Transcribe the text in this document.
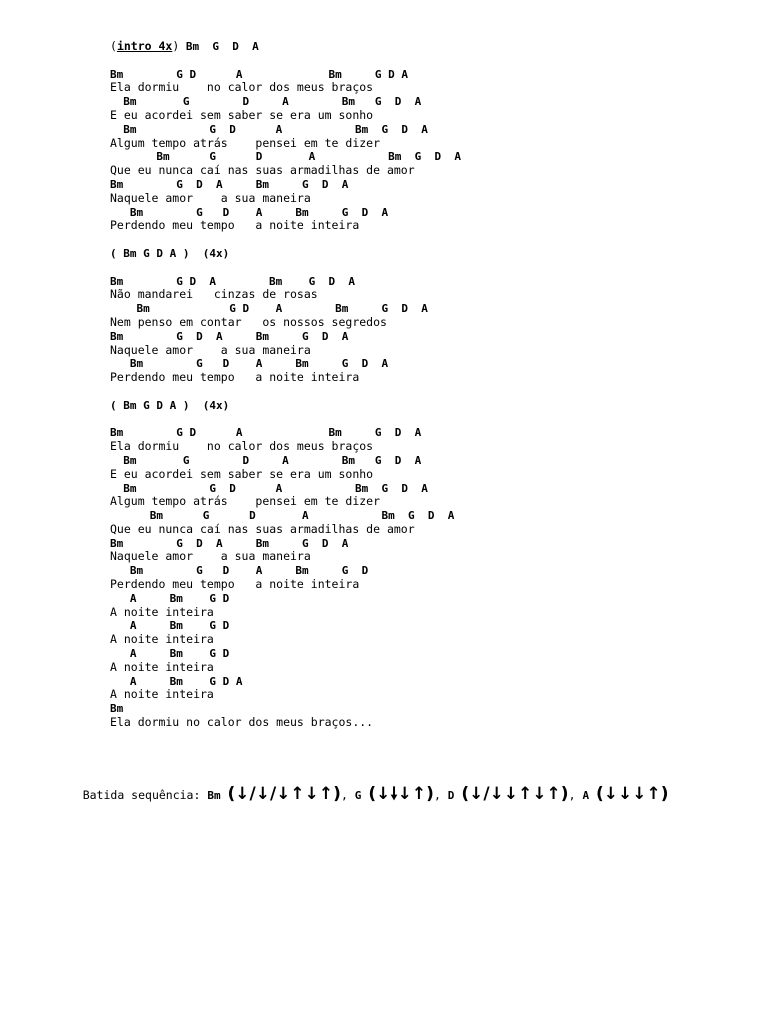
(intro 4x) Bm  G  D  A
Bm        G D      A             Bm     G D A
Ela dormiu    no calor dos meus braços
Bm       G        D     A        Bm   G  D  A
E eu acordei sem saber se era um sonho
Bm           G  D      A           Bm  G  D  A
Algum tempo atrás    pensei em te dizer
Bm      G      D       A           Bm  G  D  A
Que eu nunca caí nas suas armadilhas de amor
Bm        G  D  A     Bm     G  D  A
Naquele amor    a sua maneira
Bm        G   D    A     Bm     G  D  A
Perdendo meu tempo   a noite inteira
( Bm G D A )  (4x)
Bm        G D  A        Bm    G  D  A
Não mandarei   cinzas de rosas
Bm            G D    A        Bm     G  D  A
Nem penso em contar   os nossos segredos
Bm        G  D  A     Bm     G  D  A
Naquele amor    a sua maneira
Bm        G   D    A     Bm     G  D  A
Perdendo meu tempo   a noite inteira
( Bm G D A )  (4x)
Bm        G D      A             Bm     G  D  A
Ela dormiu    no calor dos meus braços
Bm       G        D     A        Bm   G  D  A
E eu acordei sem saber se era um sonho
Bm           G  D      A           Bm  G  D  A
Algum tempo atrás    pensei em te dizer
Bm      G      D       A           Bm  G  D  A
Que eu nunca caí nas suas armadilhas de amor
Bm        G  D  A     Bm     G  D  A
Naquele amor    a sua maneira
Bm        G   D    A     Bm     G  D
Perdendo meu tempo   a noite inteira
A     Bm    G D
A noite inteira
A     Bm    G D
A noite inteira
A     Bm    G D
A noite inteira
A     Bm    G D A
A noite inteira
Bm
Ela dormiu no calor dos meus braços...

Batida sequência: Bm (↓/↓/↓↑↓↑), G (↓🠗↓↑), D (↓/↓↓↑↓↑), A (↓↓↓↑)
